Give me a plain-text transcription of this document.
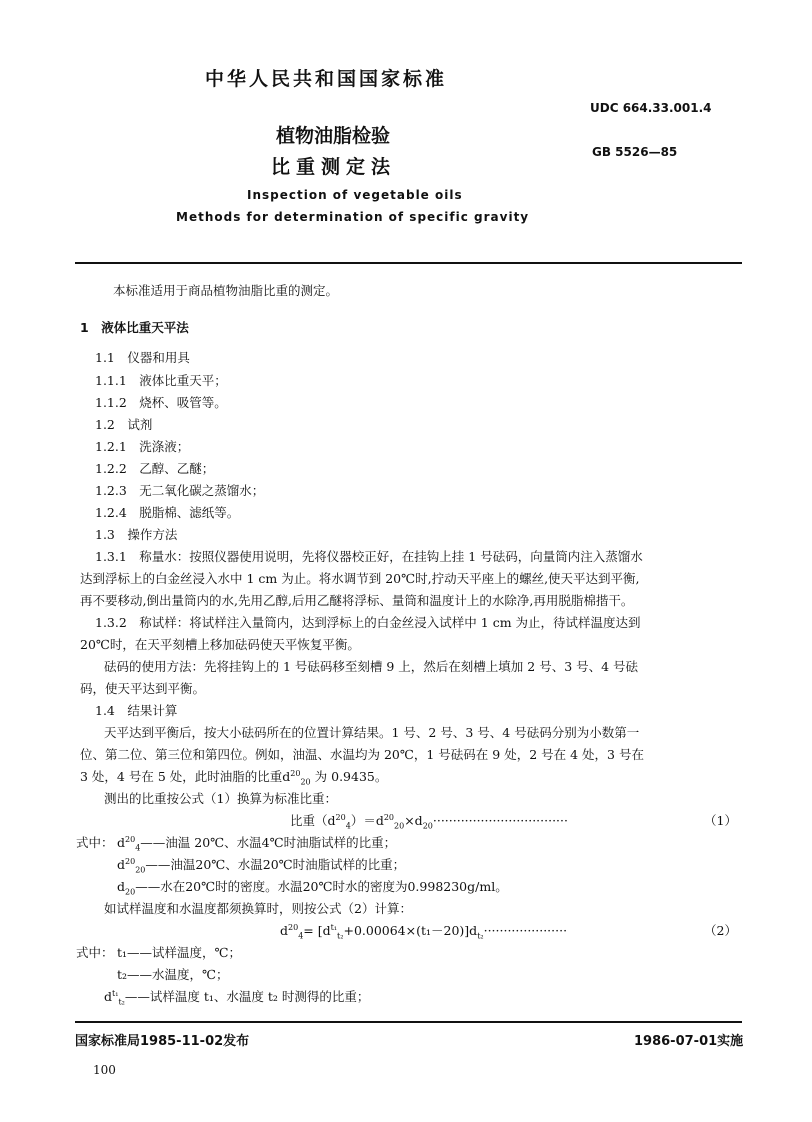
中华人民共和国国家标准
UDC 664.33.001.4
GB 5526—85
植物油脂检验
比重测定法
Inspection of vegetable oils
Methods for determination of specific gravity
本标准适用于商品植物油脂比重的测定。
1　液体比重天平法
1.1　仪器和用具
1.1.1　液体比重天平；
1.1.2　烧杯、吸管等。
1.2　试剂
1.2.1　洗涤液；
1.2.2　乙醇、乙醚；
1.2.3　无二氧化碳之蒸馏水；
1.2.4　脱脂棉、滤纸等。
1.3　操作方法
1.3.1　称量水：按照仪器使用说明，先将仪器校正好，在挂钩上挂 1 号砝码，向量筒内注入蒸馏水
达到浮标上的白金丝浸入水中 1 cm 为止。将水调节到 20℃时,拧动天平座上的螺丝,使天平达到平衡,
再不要移动,倒出量筒内的水,先用乙醇,后用乙醚将浮标、量筒和温度计上的水除净,再用脱脂棉揩干。
1.3.2　称试样：将试样注入量筒内，达到浮标上的白金丝浸入试样中 1 cm 为止，待试样温度达到
20℃时，在天平刻槽上移加砝码使天平恢复平衡。
砝码的使用方法：先将挂钩上的 1 号砝码移至刻槽 9 上，然后在刻槽上填加 2 号、3 号、4 号砝
码，使天平达到平衡。
1.4　结果计算
天平达到平衡后，按大小砝码所在的位置计算结果。1 号、2 号、3 号、4 号砝码分别为小数第一
位、第二位、第三位和第四位。例如，油温、水温均为 20℃，1 号砝码在 9 处，2 号在 4 处，3 号在
3 处，4 号在 5 处，此时油脂的比重$d^{20}_{20}$ 为 0.9435。
测出的比重按公式（1）换算为标准比重：
比重$(d^{20}_4)=d^{20}_{20}\times d_{20}\cdot\cdot\cdot\cdot\cdot\cdot\cdot\cdot\cdot\cdot\cdot\cdot\cdot\cdot\cdot\cdot\cdot\cdot\cdot\cdot\cdot\cdot\cdot\cdot\cdot\cdot\cdot\cdot\cdot\cdot\cdot\cdot\cdot\cdot$	（1）
式中： $d^{20}_4——$油温 20℃、水温4℃时油脂试样的比重；
$d^{20}_{20}——$油温20℃、水温20℃时油脂试样的比重；
$d_{20}——$水在20℃时的密度。水温20℃时水的密度为0.998230g/ml。
如试样温度和水温度都须换算时，则按公式（2）计算：
$d^{20}_4= [d^{t_1}_{t_2}+0.00064\times(t_1-20)]d_{t_2}\cdot\cdot\cdot\cdot\cdot\cdot\cdot\cdot\cdot\cdot\cdot\cdot\cdot\cdot\cdot\cdot\cdot\cdot\cdot\cdot\cdot$	（2）
式中： t₁——试样温度，℃；
t₂——水温度，℃；
$d^{t_1}_{t_2}——$试样温度 t₁、水温度 t₂ 时测得的比重；
国家标准局1985-11-02发布	1986-07-01实施
100
